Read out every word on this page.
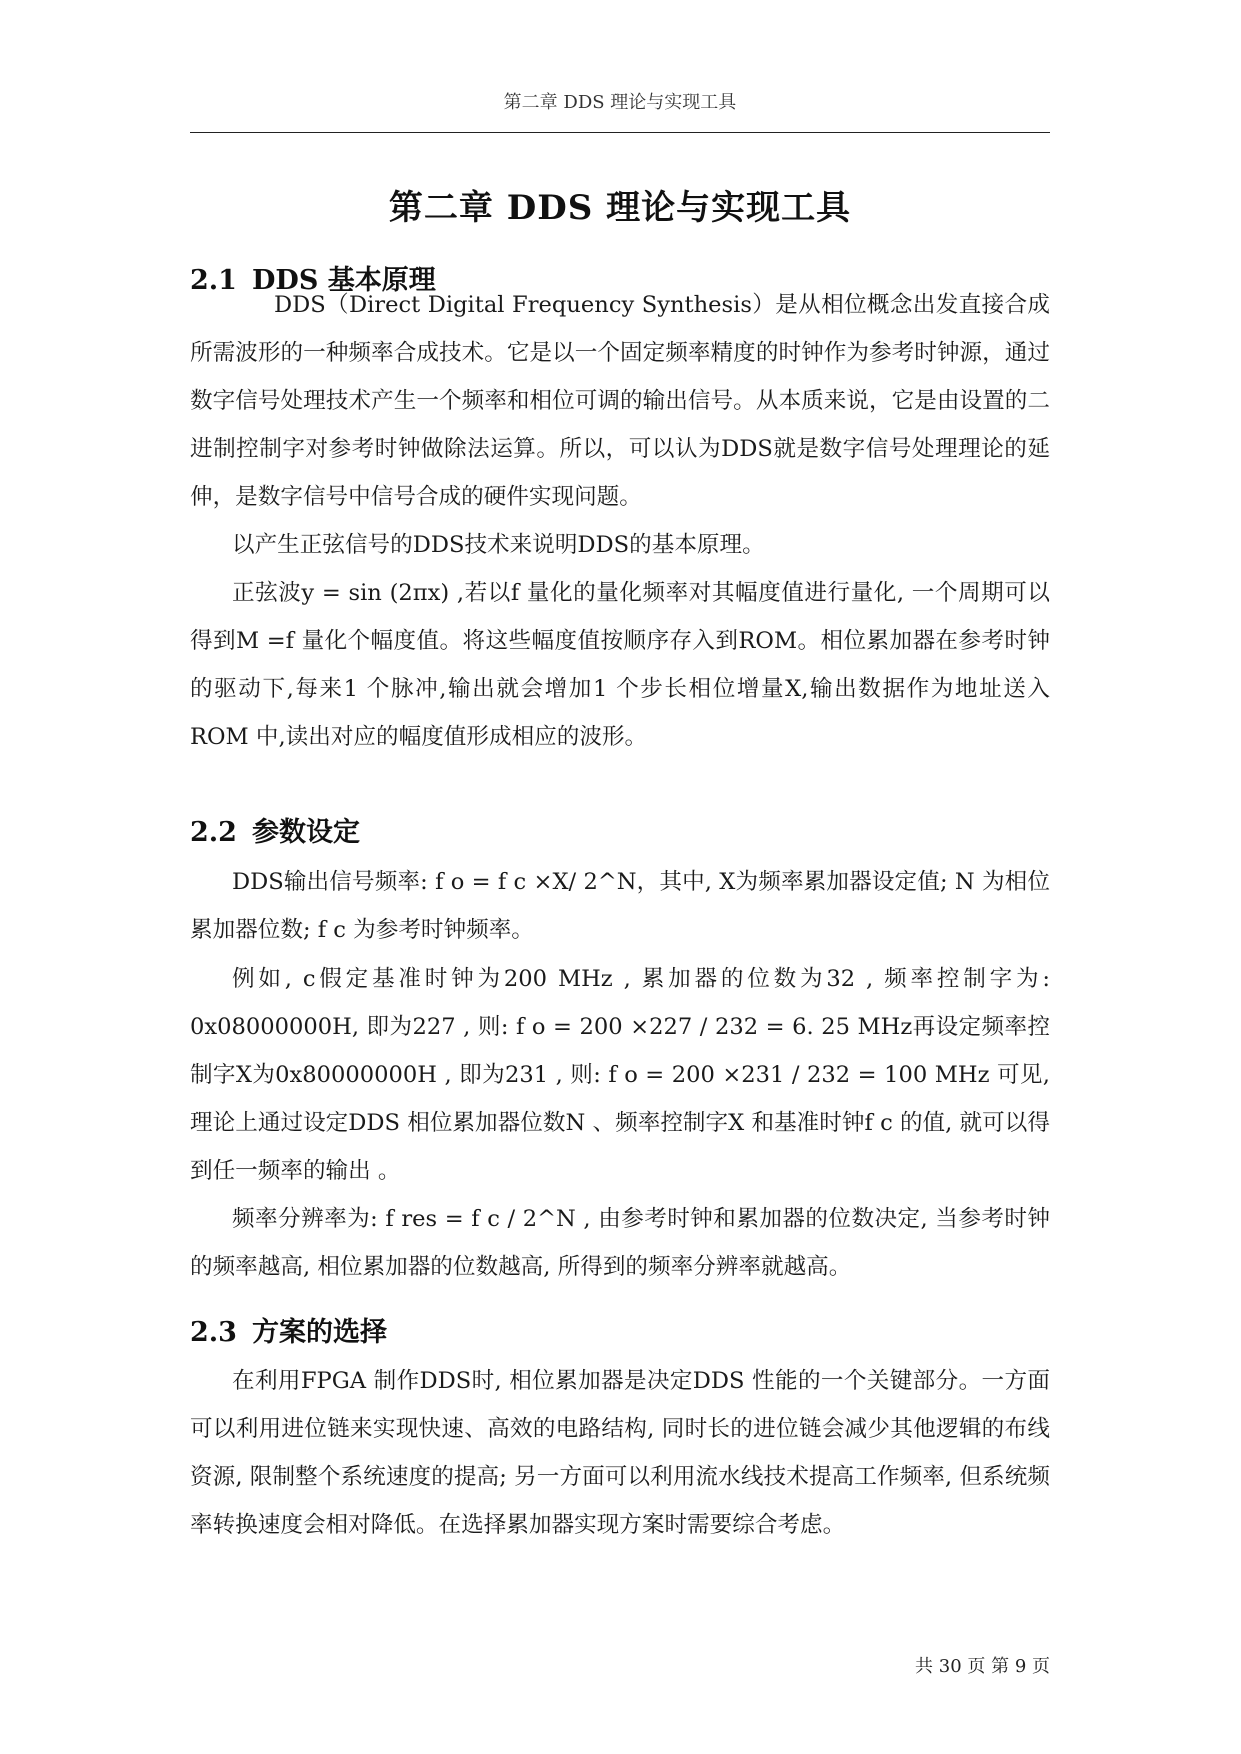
第二章 DDS 理论与实现工具
第二章 DDS 理论与实现工具
2.1 DDS 基本原理

DDS（Direct Digital Frequency Synthesis）是从相位概念出发直接合成所需波形的一种频率合成技术。它是以一个固定频率精度的时钟作为参考时钟源，通过数字信号处理技术产生一个频率和相位可调的输出信号。从本质来说，它是由设置的二进制控制字对参考时钟做除法运算。所以，可以认为DDS就是数字信号处理理论的延伸，是数字信号中信号合成的硬件实现问题。

以产生正弦信号的DDS技术来说明DDS的基本原理。

正弦波y = sin (2πx) ,若以f 量化的量化频率对其幅度值进行量化, 一个周期可以得到M =f 量化个幅度值。将这些幅度值按顺序存入到ROM。相位累加器在参考时钟的驱动下,每来1 个脉冲,输出就会增加1 个步长相位增量X,输出数据作为地址送入ROM 中,读出对应的幅度值形成相应的波形。

2.2 参数设定

DDS输出信号频率: f o = f c ×X/ 2^N，其中, X为频率累加器设定值; N 为相位累加器位数; f c 为参考时钟频率。

例如, c假定基准时钟为200 MHz , 累加器的位数为32 , 频率控制字为: 0x08000000H, 即为227 , 则: f o = 200 ×227 / 232 = 6. 25 MHz再设定频率控制字X为0x80000000H , 即为231 , 则: f o = 200 ×231 / 232 = 100 MHz 可见, 理论上通过设定DDS 相位累加器位数N 、频率控制字X 和基准时钟f c 的值, 就可以得到任一频率的输出 。

频率分辨率为: f res = f c / 2^N , 由参考时钟和累加器的位数决定, 当参考时钟的频率越高, 相位累加器的位数越高, 所得到的频率分辨率就越高。

2.3 方案的选择

在利用FPGA 制作DDS时, 相位累加器是决定DDS 性能的一个关键部分。一方面可以利用进位链来实现快速、高效的电路结构, 同时长的进位链会减少其他逻辑的布线资源, 限制整个系统速度的提高; 另一方面可以利用流水线技术提高工作频率, 但系统频率转换速度会相对降低。在选择累加器实现方案时需要综合考虑。

共 30 页 第 9 页
